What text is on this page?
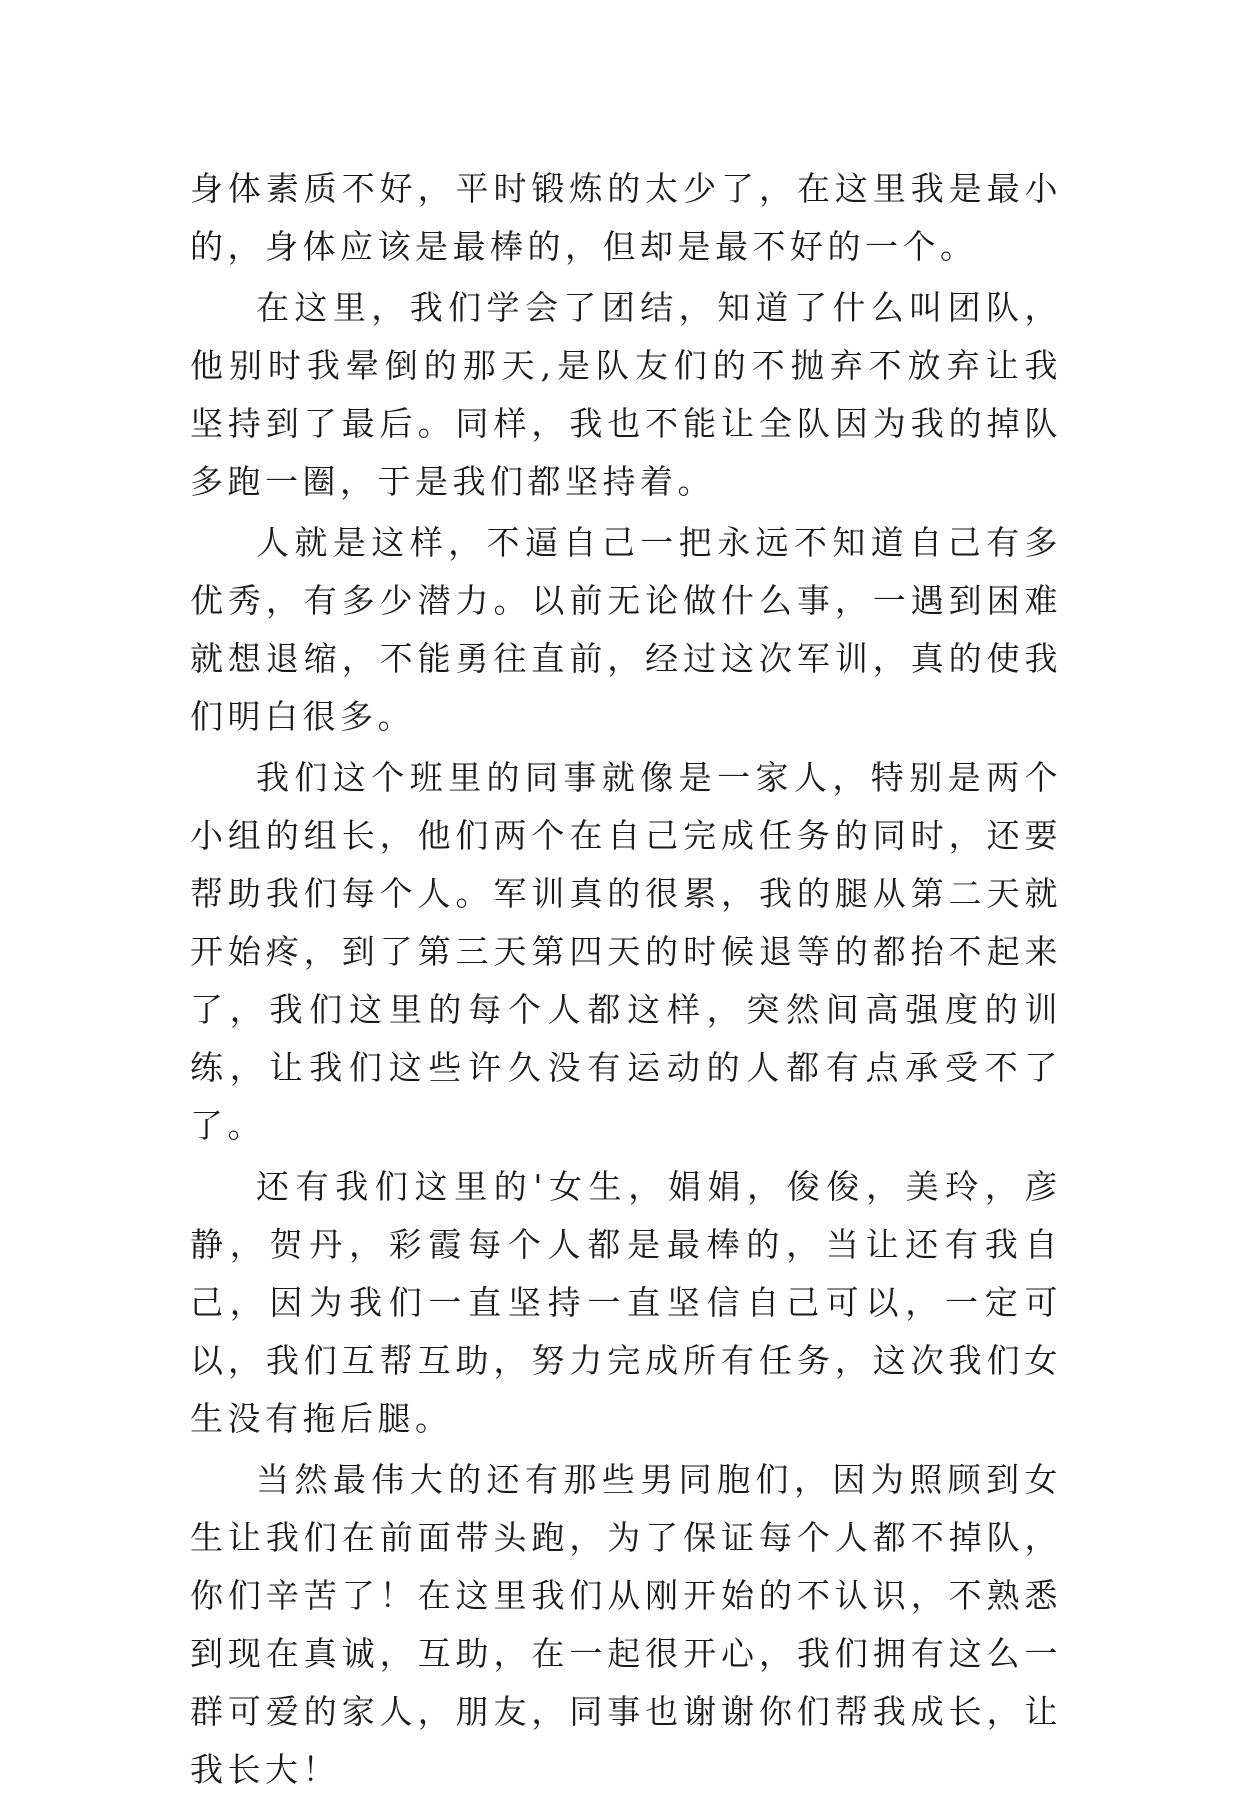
身体素质不好，平时锻炼的太少了，在这里我是最小的，身体应该是最棒的，但却是最不好的一个。

在这里，我们学会了团结，知道了什么叫团队，他别时我晕倒的那天,是队友们的不抛弃不放弃让我坚持到了最后。同样，我也不能让全队因为我的掉队多跑一圈，于是我们都坚持着。

人就是这样，不逼自己一把永远不知道自己有多优秀，有多少潜力。以前无论做什么事，一遇到困难就想退缩，不能勇往直前，经过这次军训，真的使我们明白很多。

我们这个班里的同事就像是一家人，特别是两个小组的组长，他们两个在自己完成任务的同时，还要帮助我们每个人。军训真的很累，我的腿从第二天就开始疼，到了第三天第四天的时候退等的都抬不起来了，我们这里的每个人都这样，突然间高强度的训练，让我们这些许久没有运动的人都有点承受不了了。

还有我们这里的'女生，娟娟，俊俊，美玲，彦静，贺丹，彩霞每个人都是最棒的，当让还有我自己，因为我们一直坚持一直坚信自己可以，一定可以，我们互帮互助，努力完成所有任务，这次我们女生没有拖后腿。

当然最伟大的还有那些男同胞们，因为照顾到女生让我们在前面带头跑，为了保证每个人都不掉队，你们辛苦了！在这里我们从刚开始的不认识，不熟悉到现在真诚，互助，在一起很开心，我们拥有这么一群可爱的家人，朋友，同事也谢谢你们帮我成长，让我长大！
